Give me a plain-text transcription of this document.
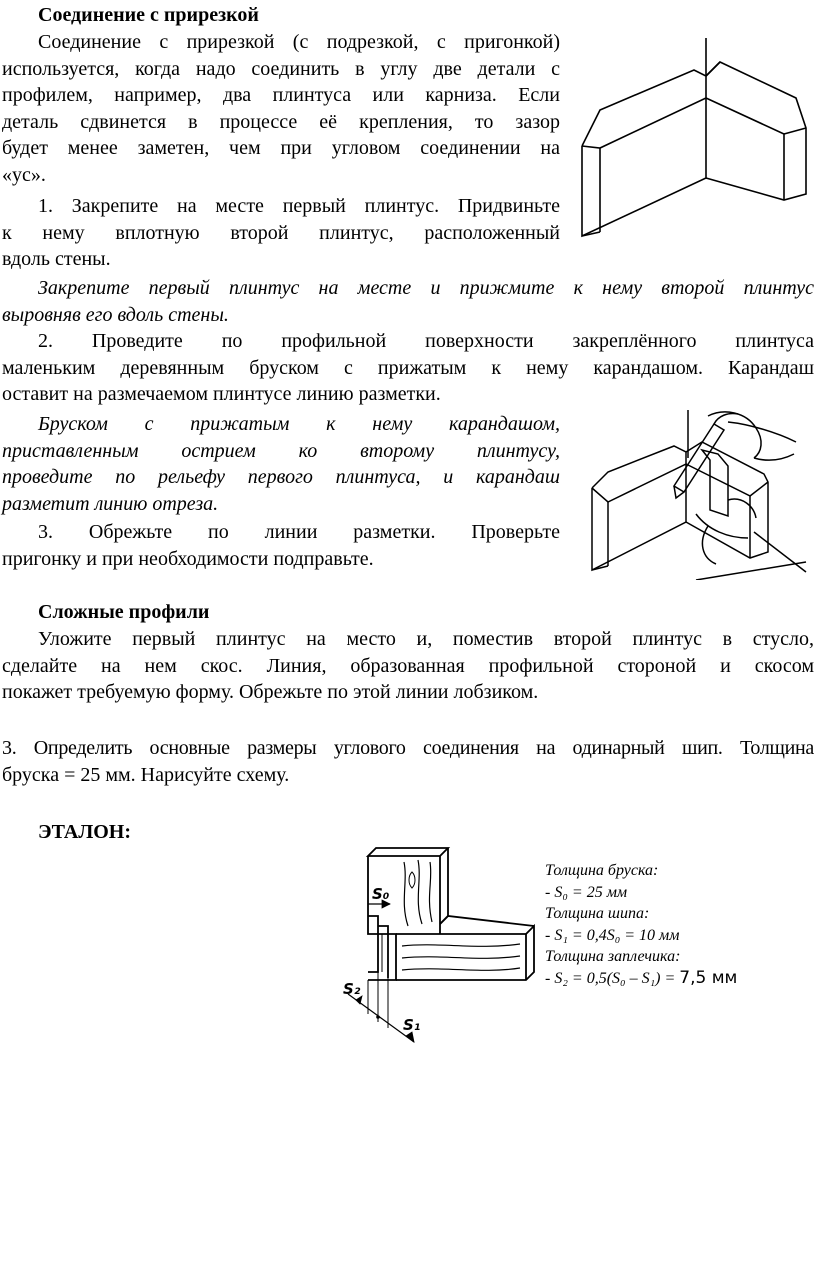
Соединение с прирезкой
Соединение с прирезкой (с подрезкой, с пригонкой)
используется, когда надо соединить в углу две детали с
профилем, например, два плинтуса или карниза. Если
деталь сдвинется в процессе её крепления, то зазор
будет менее заметен, чем при угловом соединении на
«ус».
1. Закрепите на месте первый плинтус. Придвиньте
к нему вплотную второй плинтус, расположенный
вдоль стены.
Закрепите первый плинтус на месте и прижмите к нему второй плинтус
выровняв его вдоль стены.
2. Проведите по профильной поверхности закреплённого плинтуса
маленьким деревянным бруском с прижатым к нему карандашом. Карандаш
оставит на размечаемом плинтусе линию разметки.
Бруском с прижатым к нему карандашом,
приставленным острием ко второму плинтусу,
проведите по рельефу первого плинтуса, и карандаш
разметит линию отреза.
3. Обрежьте по линии разметки. Проверьте
пригонку и при необходимости подправьте.
Сложные профили
Уложите первый плинтус на место и, поместив второй плинтус в стусло,
сделайте на нем скос. Линия, образованная профильной стороной и скосом
покажет требуемую форму. Обрежьте по этой линии лобзиком.
3. Определить основные размеры углового соединения на одинарный шип. Толщина
бруска = 25 мм. Нарисуйте схему.
ЭТАЛОН:
S₀
S₂
S₁
Толщина бруска:
- S₀ = 25 мм
Толщина шипа:
- S₁ = 0,4S₀ = 10 мм
Толщина заплечика:
- S₂ = 0,5(S₀ – S₁) = 7,5 мм
